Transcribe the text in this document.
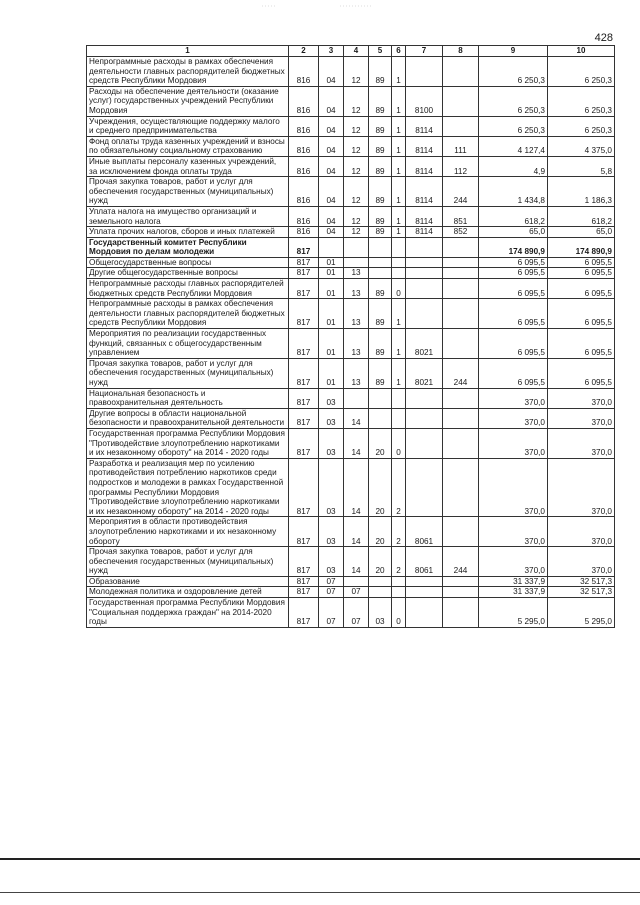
428
1	2	3	4	5	6	7	8	9	10
Непрограммные расходы в рамках обеспечения деятельности главных распорядителей бюджетных средств Республики Мордовия	816	04	12	89	1			6 250,3	6 250,3
Расходы на обеспечение деятельности (оказание услуг) государственных учреждений Республики Мордовия	816	04	12	89	1	8100		6 250,3	6 250,3
Учреждения, осуществляющие поддержку малого и среднего предпринимательства	816	04	12	89	1	8114		6 250,3	6 250,3
Фонд оплаты труда казенных учреждений и взносы по обязательному социальному страхованию	816	04	12	89	1	8114	111	4 127,4	4 375,0
Иные выплаты персоналу казенных учреждений, за исключением фонда оплаты труда	816	04	12	89	1	8114	112	4,9	5,8
Прочая закупка товаров, работ и услуг для обеспечения государственных (муниципальных) нужд	816	04	12	89	1	8114	244	1 434,8	1 186,3
Уплата налога на имущество организаций и земельного налога	816	04	12	89	1	8114	851	618,2	618,2
Уплата прочих налогов, сборов и иных платежей	816	04	12	89	1	8114	852	65,0	65,0
Государственный комитет Республики Мордовия по делам молодежи	817							174 890,9	174 890,9
Общегосударственные вопросы	817	01						6 095,5	6 095,5
Другие общегосударственные вопросы	817	01	13					6 095,5	6 095,5
Непрограммные расходы главных распорядителей бюджетных средств Республики Мордовия	817	01	13	89	0			6 095,5	6 095,5
Непрограммные расходы в рамках обеспечения деятельности главных распорядителей бюджетных средств Республики Мордовия	817	01	13	89	1			6 095,5	6 095,5
Мероприятия по реализации государственных функций, связанных с общегосударственным управлением	817	01	13	89	1	8021		6 095,5	6 095,5
Прочая закупка товаров, работ и услуг для обеспечения государственных (муниципальных) нужд	817	01	13	89	1	8021	244	6 095,5	6 095,5
Национальная безопасность и правоохранительная деятельность	817	03						370,0	370,0
Другие вопросы в области национальной безопасности и правоохранительной деятельности	817	03	14					370,0	370,0
Государственная программа Республики Мордовия "Противодействие злоупотреблению наркотиками и их незаконному обороту" на 2014 - 2020 годы	817	03	14	20	0			370,0	370,0
Разработка и реализация мер по усилению противодействия потреблению наркотиков среди подростков и молодежи в рамках Государственной программы Республики Мордовия "Противодействие злоупотреблению наркотиками и их незаконному обороту" на 2014 - 2020 годы	817	03	14	20	2			370,0	370,0
Мероприятия в области противодействия злоупотреблению наркотиками и их незаконному обороту	817	03	14	20	2	8061		370,0	370,0
Прочая закупка товаров, работ и услуг для обеспечения государственных (муниципальных) нужд	817	03	14	20	2	8061	244	370,0	370,0
Образование	817	07						31 337,9	32 517,3
Молодежная политика и оздоровление детей	817	07	07					31 337,9	32 517,3
Государственная программа Республики Мордовия "Социальная поддержка граждан" на 2014-2020 годы	817	07	07	03	0			5 295,0	5 295,0
